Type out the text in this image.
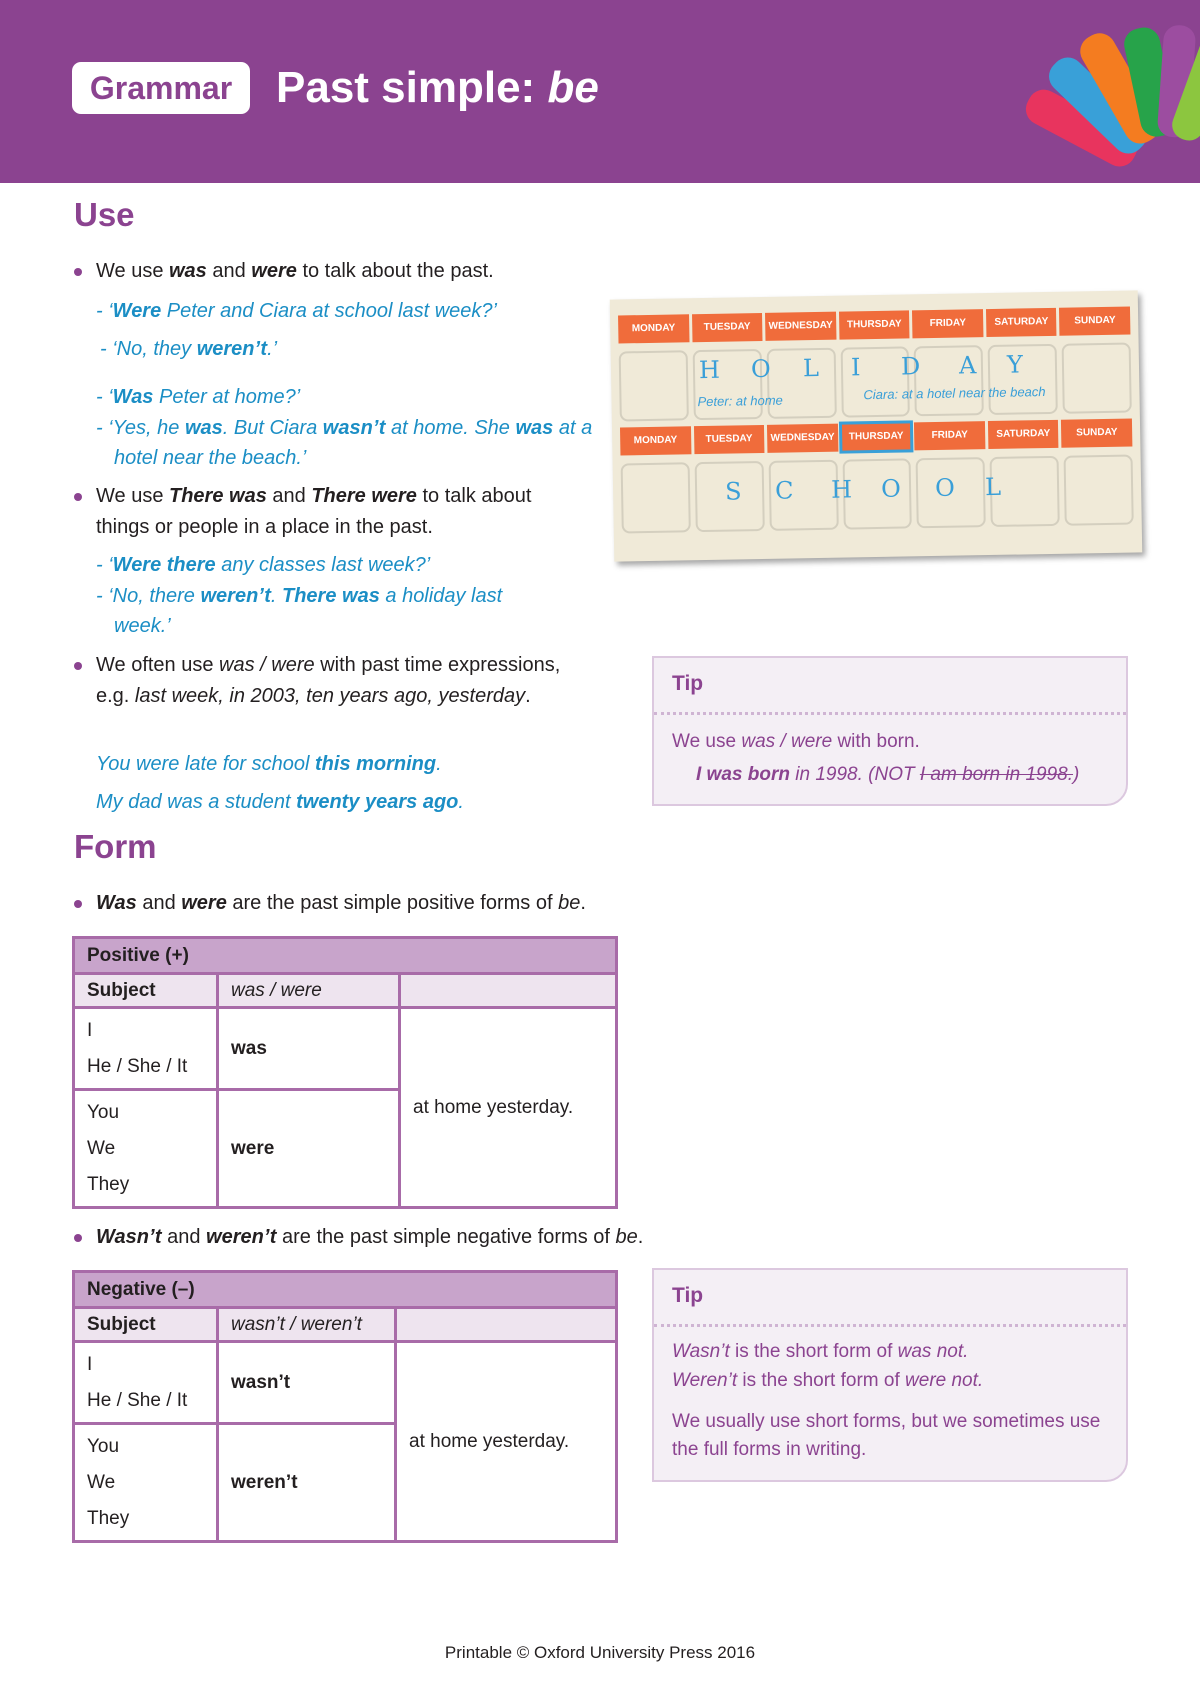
Grammar Past simple: be
Use
We use was and were to talk about the past.
- ‘Were Peter and Ciara at school last week?’
- ‘No, they weren’t.’
- ‘Was Peter at home?’
- ‘Yes, he was. But Ciara wasn’t at home. She was at a hotel near the beach.’
We use There was and There were to talk about things or people in a place in the past.
- ‘Were there any classes last week?’
- ‘No, there weren’t. There was a holiday last week.’
We often use was / were with past time expressions, e.g. last week, in 2003, ten years ago, yesterday.
You were late for school this morning.
My dad was a student twenty years ago.
MONDAY	TUESDAY	WEDNESDAY	THURSDAY	FRIDAY	SATURDAY	SUNDAY
H O L I D A Y
Peter: at home	Ciara: at a hotel near the beach
MONDAY	TUESDAY	WEDNESDAY	THURSDAY	FRIDAY	SATURDAY	SUNDAY
S C H O O L
Tip
We use was / were with born.
I was born in 1998. (NOT I am born in 1998.)
Form
Was and were are the past simple positive forms of be.
Positive (+)		
Subject	was / were	

I
He / She / It	was	at home yesterday.

You
We
They	were	
Wasn’t and weren’t are the past simple negative forms of be.
Negative (–)		
Subject	wasn’t / weren’t	

I
He / She / It	wasn’t	at home yesterday.

You
We
They	weren’t	
Tip
Wasn’t is the short form of was not.
Weren’t is the short form of were not.
We usually use short forms, but we sometimes use the full forms in writing.
Printable © Oxford University Press 2016
